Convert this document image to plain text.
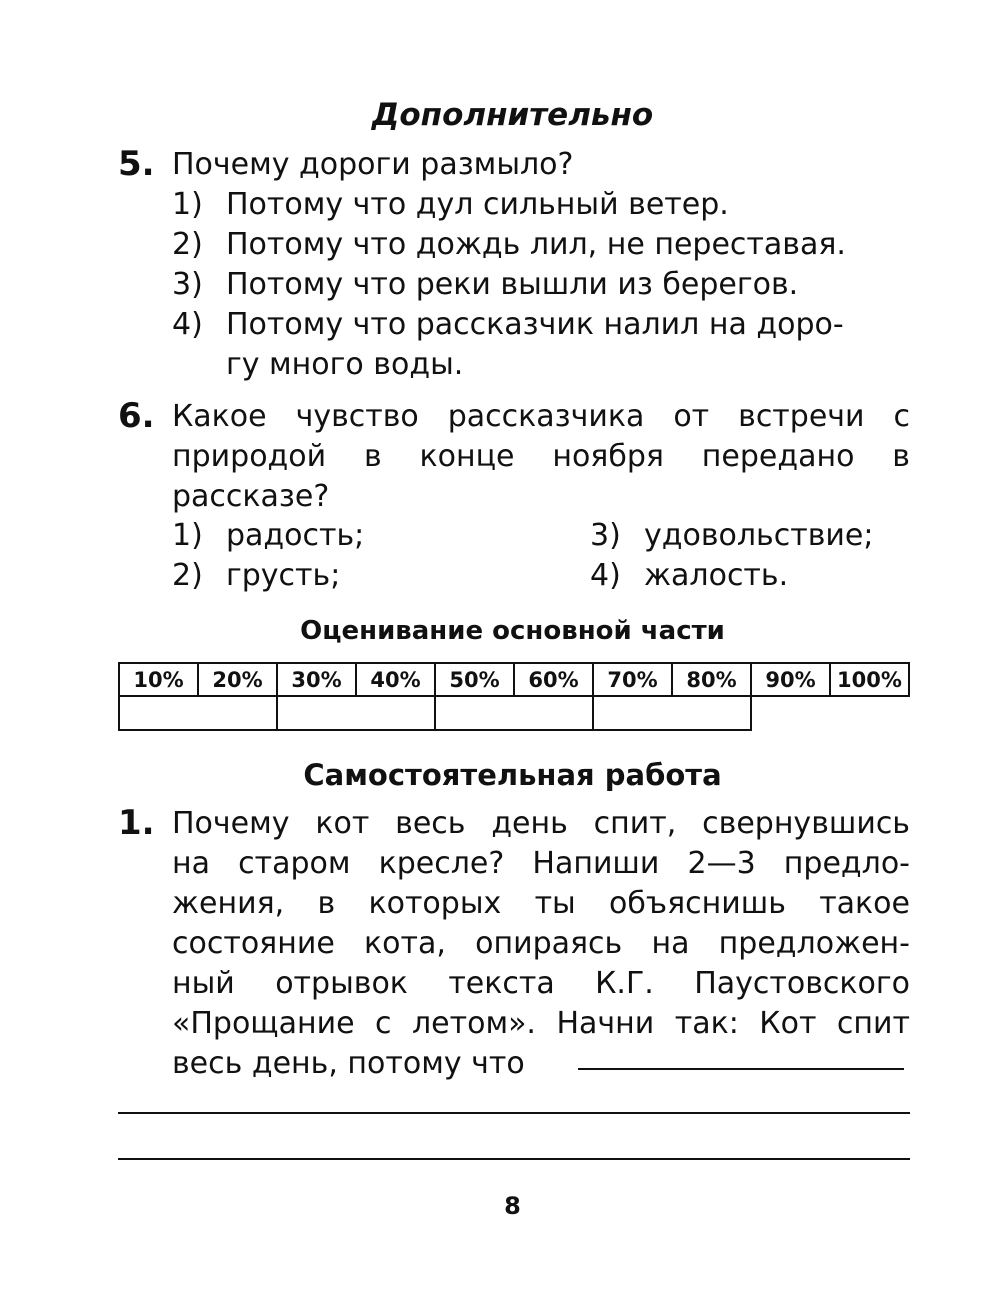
Дополнительно
5. Почему дороги размыло?
1) Потому что дул сильный ветер.
2) Потому что дождь лил, не переставая.
3) Потому что реки вышли из берегов.
4) Потому что рассказчик налил на доро-
гу много воды.
6. Какое чувство рассказчика от встречи с
природой в конце ноября передано в
рассказе?
1) радость;
2) грусть;
3) удовольствие;
4) жалость.
Оценивание основной части
10%	20%	30%	40%	50%	60%	70%	80%	90%	100%

Самостоятельная работа
1. Почему кот весь день спит, свернувшись
на старом кресле? Напиши 2—3 предло-
жения, в которых ты объяснишь такое
состояние кота, опираясь на предложен-
ный отрывок текста К.Г. Паустовского
«Прощание с летом». Начни так: Кот спит
весь день, потому что
8
